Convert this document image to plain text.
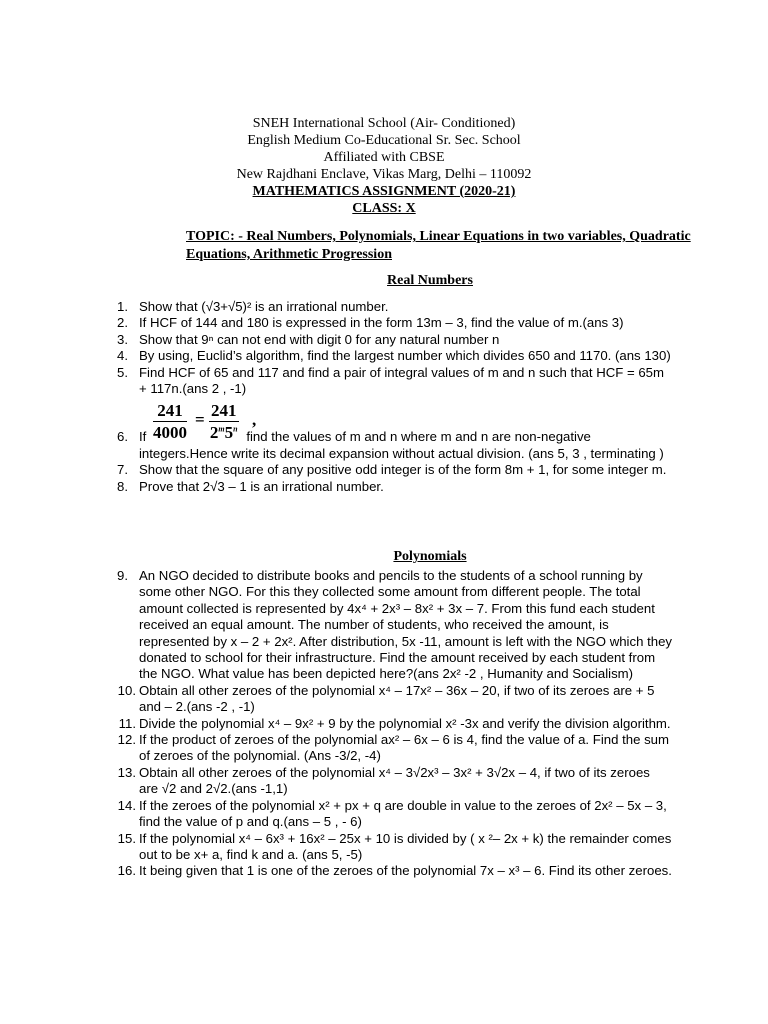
SNEH International School (Air- Conditioned)
English Medium Co-Educational Sr. Sec. School
Affiliated with CBSE
New Rajdhani Enclave, Vikas Marg, Delhi – 110092
MATHEMATICS ASSIGNMENT (2020-21)
CLASS: X
TOPIC: - Real Numbers, Polynomials, Linear Equations in two variables, Quadratic Equations, Arithmetic Progression
Real Numbers
1. Show that (√3+√5)² is an irrational number.
2. If HCF of 144 and 180 is expressed in the form 13m – 3, find the value of m.(ans 3)
3. Show that 9ⁿ can not end with digit 0 for any natural number n
4. By using, Euclid’s algorithm, find the largest number which divides 650 and 1170. (ans 130)
5. Find HCF of 65 and 117 and find a pair of integral values of m and n such that HCF = 65m + 117n.(ans 2 , -1)
$\frac{241}{4000} = \frac{241}{2^m5^n}$ ,
6. If	find the values of m and n where m and n are non-negative integers.Hence write its decimal expansion without actual division. (ans 5, 3 , terminating )
7. Show that the square of any positive odd integer is of the form 8m + 1, for some integer m.
8. Prove that 2√3 – 1 is an irrational number.
Polynomials
9. An NGO decided to distribute books and pencils to the students of a school running by some other NGO. For this they collected some amount from different people. The total amount collected is represented by 4x⁴ + 2x³ – 8x² + 3x – 7. From this fund each student received an equal amount. The number of students, who received the amount, is represented by x – 2 + 2x². After distribution, 5x -11, amount is left with the NGO which they donated to school for their infrastructure. Find the amount received by each student from the NGO. What value has been depicted here?(ans 2x² -2 , Humanity and Socialism)
10. Obtain all other zeroes of the polynomial x⁴ – 17x² – 36x – 20, if two of its zeroes are + 5 and – 2.(ans -2 , -1)
11. Divide the polynomial x⁴ – 9x² + 9 by the polynomial x² -3x and verify the division algorithm.
12. If the product of zeroes of the polynomial ax² – 6x – 6 is 4, find the value of a. Find the sum of zeroes of the polynomial. (Ans -3/2, -4)
13. Obtain all other zeroes of the polynomial x⁴ – 3√2x³ – 3x² + 3√2x – 4, if two of its zeroes are √2 and 2√2.(ans -1,1)
14. If the zeroes of the polynomial x² + px + q are double in value to the zeroes of 2x² – 5x – 3, find the value of p and q.(ans – 5 , - 6)
15. If the polynomial x⁴ – 6x³ + 16x² – 25x + 10 is divided by ( x ²– 2x + k) the remainder comes out to be x+ a, find k and a. (ans 5, -5)
16. It being given that 1 is one of the zeroes of the polynomial 7x – x³ – 6. Find its other zeroes.
